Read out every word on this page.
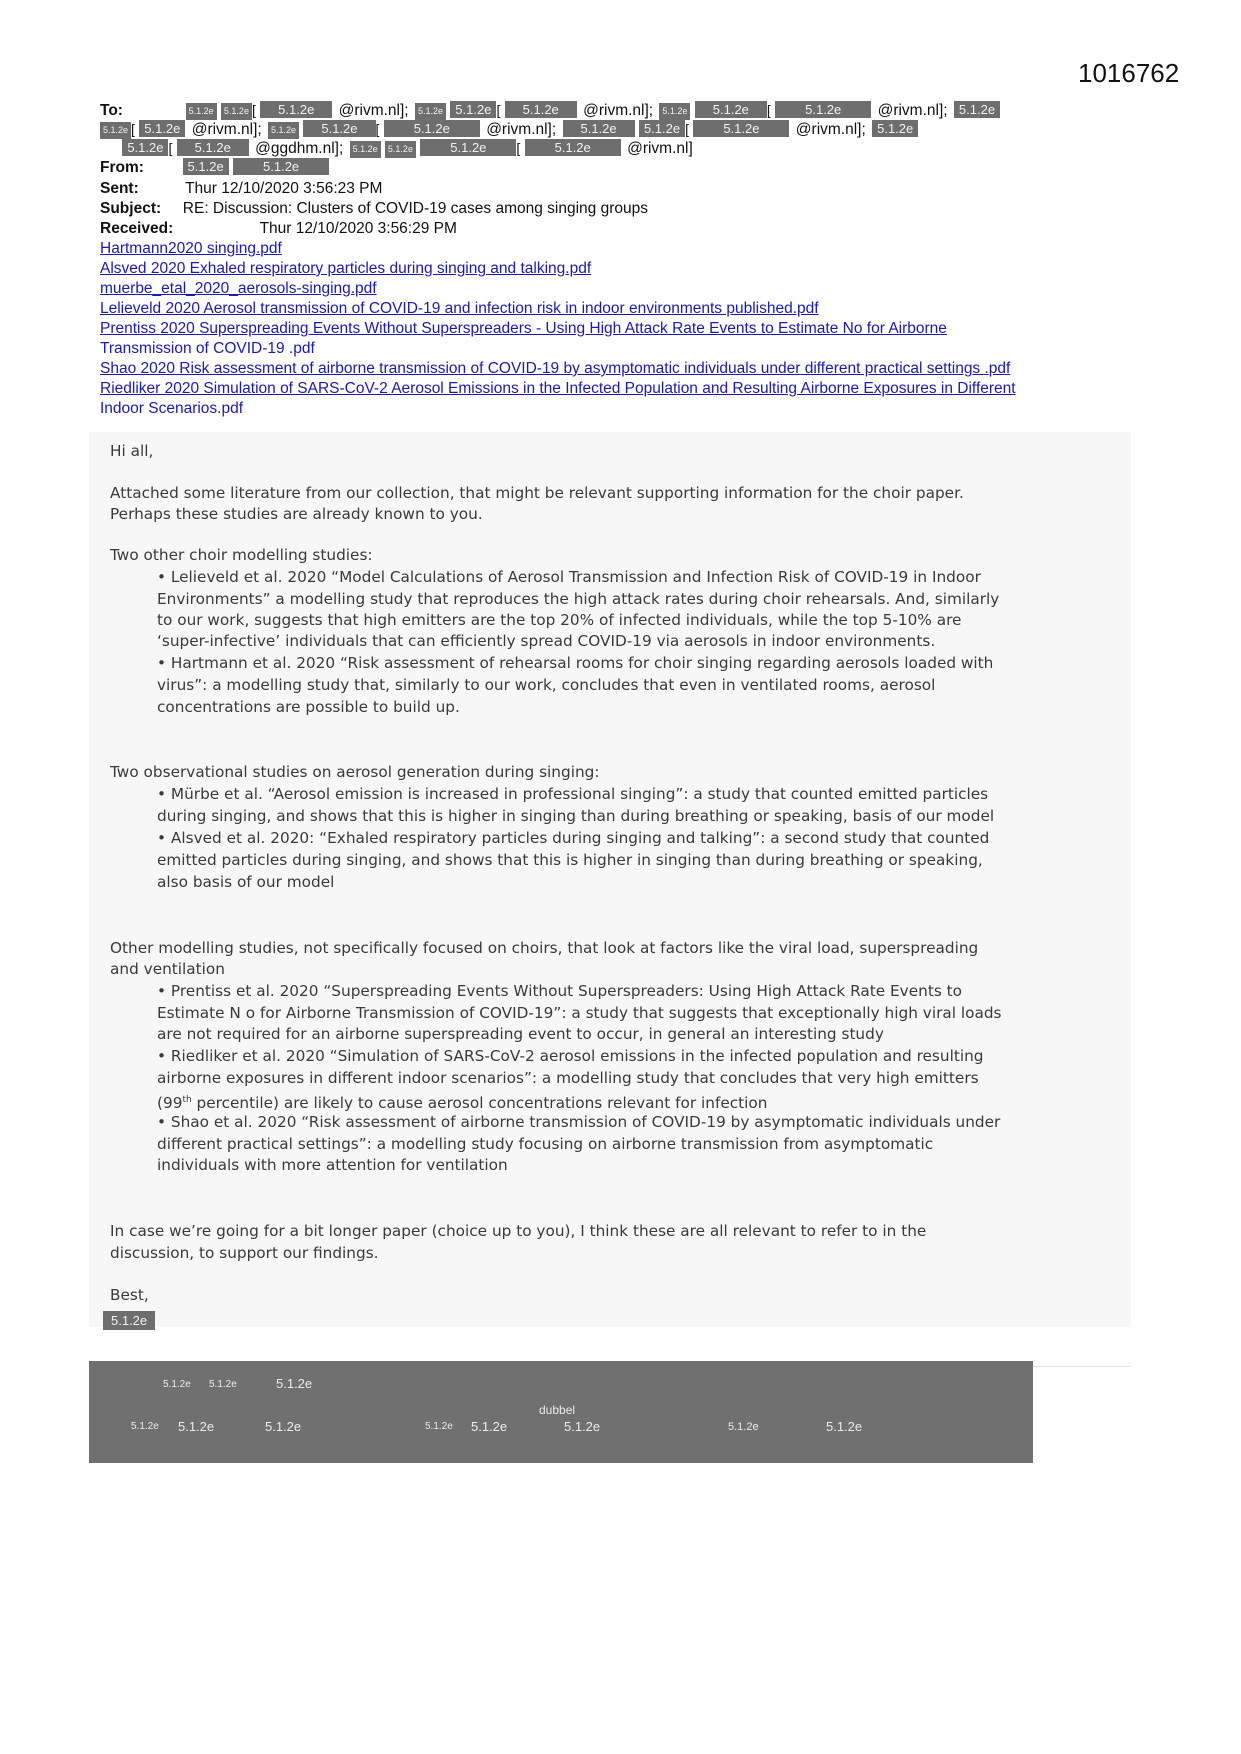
1016762
To:	5.1.2e 5.1.2e [ 5.1.2e @rivm.nl]; 5.1.2e 5.1.2e [ 5.1.2e @rivm.nl]; 5.1.2e 5.1.2e [	5.1.2e @rivm.nl]; 5.1.2e
5.1.2e [ 5.1.2e @rivm.nl]; 5.1.2e 5.1.2e [	5.1.2e @rivm.nl]; 5.1.2e 5.1.2e [	5.1.2e @rivm.nl]; 5.1.2e
5.1.2e [ 5.1.2e @ggdhm.nl]; 5.1.2e 5.1.2e	5.1.2e [	5.1.2e @rivm.nl]
From:	5.1.2e	5.1.2e
Sent:	Thur 12/10/2020 3:56:23 PM
Subject: RE: Discussion: Clusters of COVID-19 cases among singing groups
Received:	Thur 12/10/2020 3:56:29 PM
Hartmann2020 singing.pdf
Alsved 2020 Exhaled respiratory particles during singing and talking.pdf
muerbe_etal_2020_aerosols-singing.pdf
Lelieveld 2020 Aerosol transmission of COVID-19 and infection risk in indoor environments published.pdf
Prentiss 2020 Superspreading Events Without Superspreaders - Using High Attack Rate Events to Estimate No for Airborne
Transmission of COVID-19 .pdf
Shao 2020 Risk assessment of airborne transmission of COVID-19 by asymptomatic individuals under different practical settings .pdf
Riedliker 2020 Simulation of SARS-CoV-2 Aerosol Emissions in the Infected Population and Resulting Airborne Exposures in Different
Indoor Scenarios.pdf
Hi all,
Attached some literature from our collection, that might be relevant supporting information for the choir paper.
Perhaps these studies are already known to you.
Two other choir modelling studies:
• Lelieveld et al. 2020 “Model Calculations of Aerosol Transmission and Infection Risk of COVID-19 in Indoor
Environments” a modelling study that reproduces the high attack rates during choir rehearsals. And, similarly
to our work, suggests that high emitters are the top 20% of infected individuals, while the top 5-10% are
‘super-infective’ individuals that can efficiently spread COVID-19 via aerosols in indoor environments.
• Hartmann et al. 2020 “Risk assessment of rehearsal rooms for choir singing regarding aerosols loaded with
virus”: a modelling study that, similarly to our work, concludes that even in ventilated rooms, aerosol
concentrations are possible to build up.
Two observational studies on aerosol generation during singing:
• Mürbe et al. “Aerosol emission is increased in professional singing”: a study that counted emitted particles
during singing, and shows that this is higher in singing than during breathing or speaking, basis of our model
• Alsved et al. 2020: “Exhaled respiratory particles during singing and talking”: a second study that counted
emitted particles during singing, and shows that this is higher in singing than during breathing or speaking,
also basis of our model
Other modelling studies, not specifically focused on choirs, that look at factors like the viral load, superspreading
and ventilation
• Prentiss et al. 2020 “Superspreading Events Without Superspreaders: Using High Attack Rate Events to
Estimate N o for Airborne Transmission of COVID-19”: a study that suggests that exceptionally high viral loads
are not required for an airborne superspreading event to occur, in general an interesting study
• Riedliker et al. 2020 “Simulation of SARS-CoV-2 aerosol emissions in the infected population and resulting
airborne exposures in different indoor scenarios”: a modelling study that concludes that very high emitters
(99th percentile) are likely to cause aerosol concentrations relevant for infection
• Shao et al. 2020 “Risk assessment of airborne transmission of COVID-19 by asymptomatic individuals under
different practical settings”: a modelling study focusing on airborne transmission from asymptomatic
individuals with more attention for ventilation
In case we’re going for a bit longer paper (choice up to you), I think these are all relevant to refer to in the
discussion, to support our findings.
Best,
5.1.2e
5.1.2e 5.1.2e	5.1.2e
dubbel
5.1.2e 5.1.2e	5.1.2e	5.1.2e 5.1.2e	5.1.2e	5.1.2e	5.1.2e
